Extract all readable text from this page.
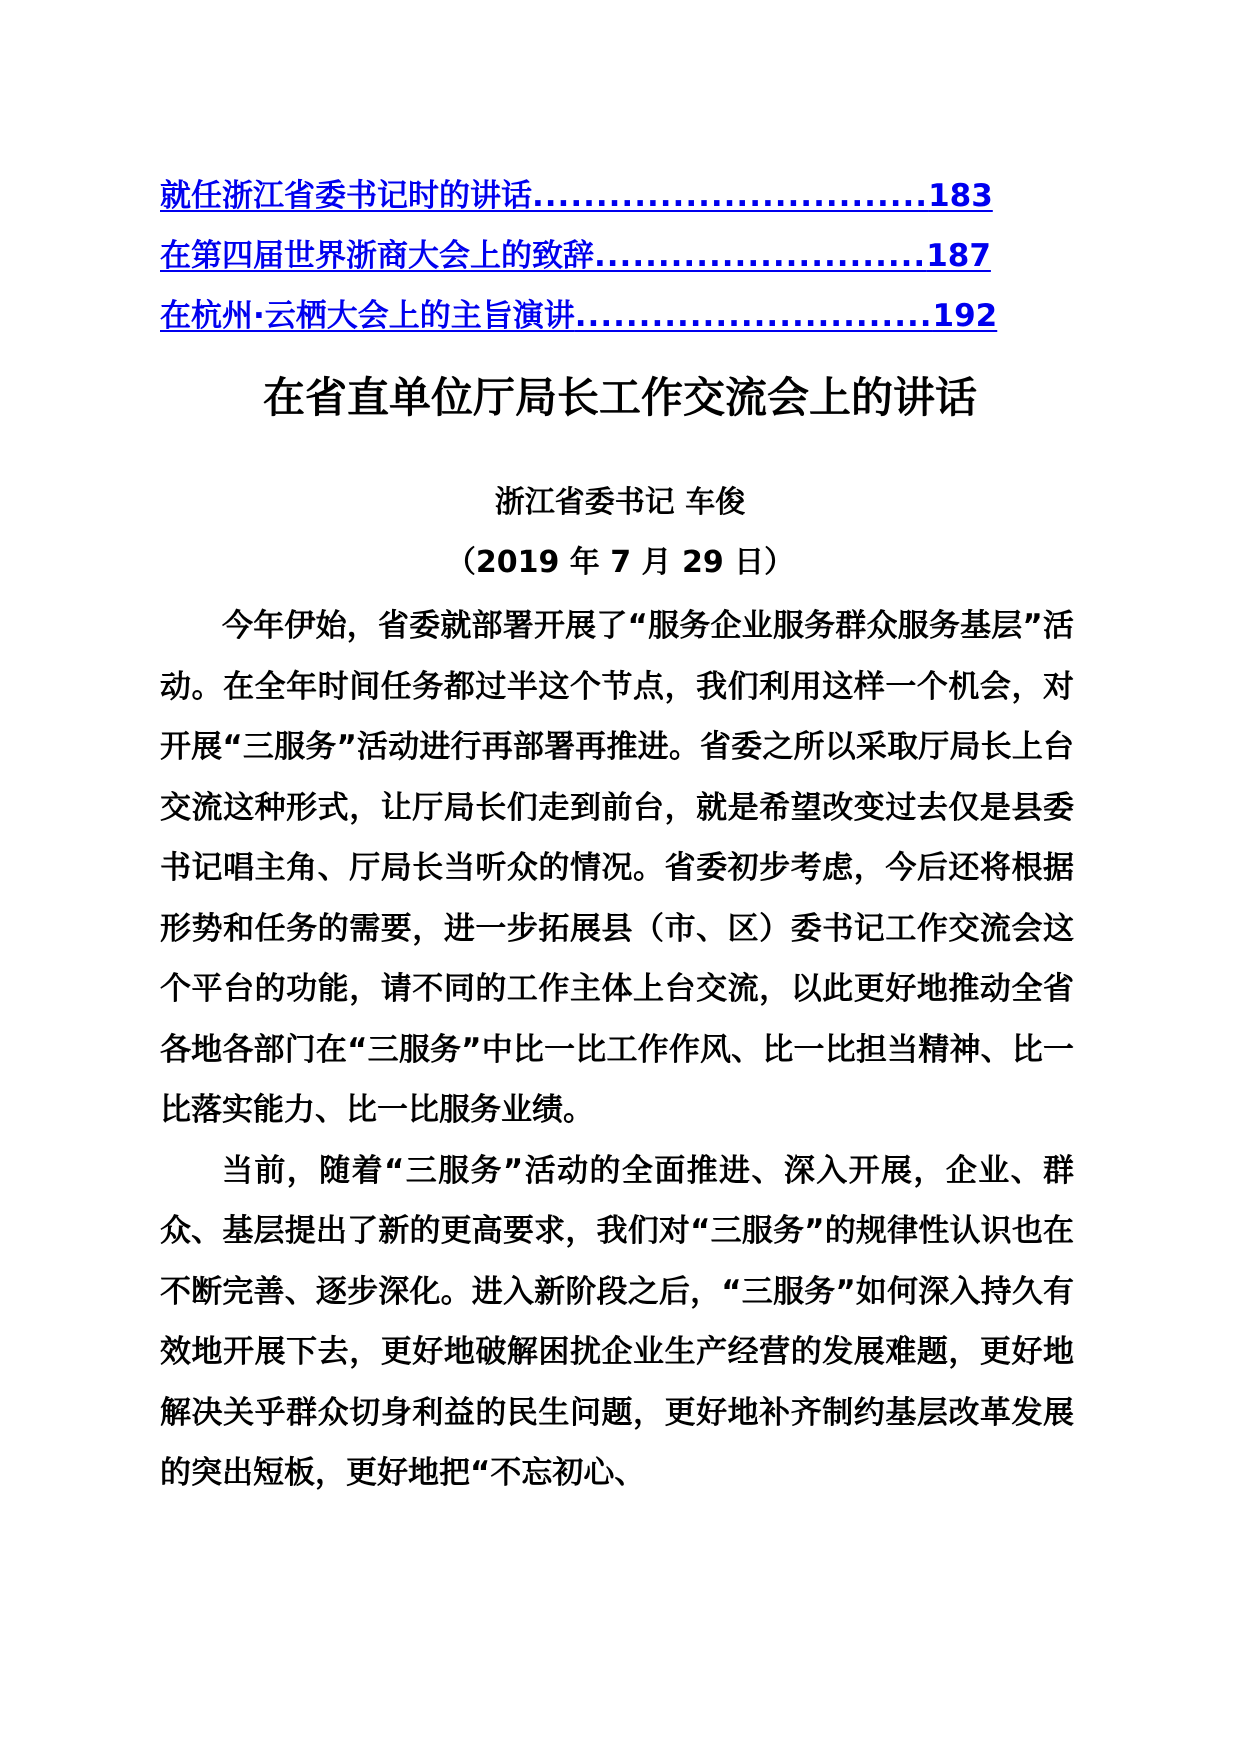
就任浙江省委书记时的讲话...............................183
在第四届世界浙商大会上的致辞..........................187
在杭州·云栖大会上的主旨演讲............................192
在省直单位厅局长工作交流会上的讲话
浙江省委书记 车俊
（2019 年 7 月 29 日）

今年伊始，省委就部署开展了“服务企业服务群众服务基层”活动。在全年时间任务都过半这个节点，我们利用这样一个机会，对开展“三服务”活动进行再部署再推进。省委之所以采取厅局长上台交流这种形式，让厅局长们走到前台，就是希望改变过去仅是县委书记唱主角、厅局长当听众的情况。省委初步考虑，今后还将根据形势和任务的需要，进一步拓展县（市、区）委书记工作交流会这个平台的功能，请不同的工作主体上台交流，以此更好地推动全省各地各部门在“三服务”中比一比工作作风、比一比担当精神、比一比落实能力、比一比服务业绩。

当前，随着“三服务”活动的全面推进、深入开展，企业、群众、基层提出了新的更高要求，我们对“三服务”的规律性认识也在不断完善、逐步深化。进入新阶段之后，“三服务”如何深入持久有效地开展下去，更好地破解困扰企业生产经营的发展难题，更好地解决关乎群众切身利益的民生问题，更好地补齐制约基层改革发展的突出短板，更好地把“不忘初心、
